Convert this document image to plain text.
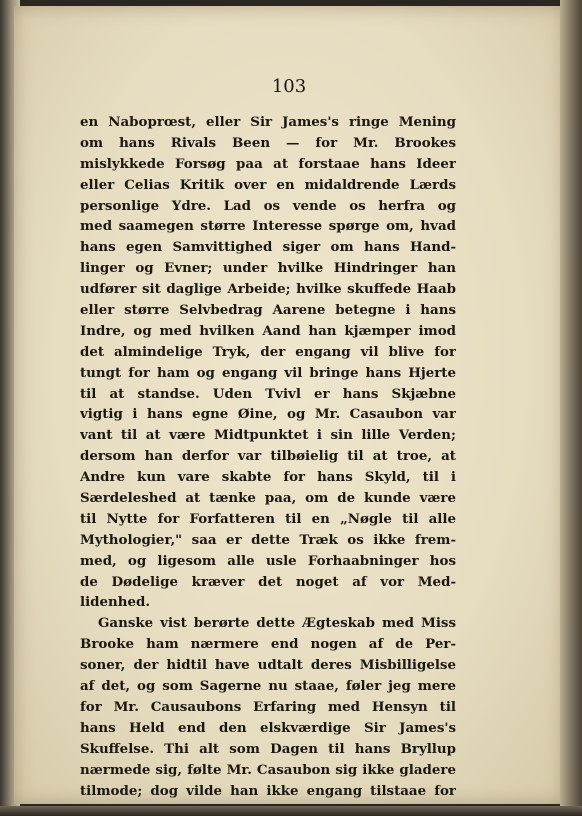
103
en Naboprœst, eller Sir James's ringe Mening
om hans Rivals Been — for Mr. Brookes
mislykkede Forsøg paa at forstaae hans Ideer
eller Celias Kritik over en midaldrende Lærds
personlige Ydre. Lad os vende os herfra og
med saamegen større Interesse spørge om, hvad
hans egen Samvittighed siger om hans Hand-
linger og Evner; under hvilke Hindringer han
udfører sit daglige Arbeide; hvilke skuffede Haab
eller større Selvbedrag Aarene betegne i hans
Indre, og med hvilken Aand han kjæmper imod
det almindelige Tryk, der engang vil blive for
tungt for ham og engang vil bringe hans Hjerte
til at standse. Uden Tvivl er hans Skjæbne
vigtig i hans egne Øine, og Mr. Casaubon var
vant til at være Midtpunktet i sin lille Verden;
dersom han derfor var tilbøielig til at troe, at
Andre kun vare skabte for hans Skyld, til i
Særdeleshed at tænke paa, om de kunde være
til Nytte for Forfatteren til en „Nøgle til alle
Mythologier," saa er dette Træk os ikke frem-
med, og ligesom alle usle Forhaabninger hos
de Dødelige kræver det noget af vor Med-
lidenhed.
Ganske vist berørte dette Ægteskab med Miss
Brooke ham nærmere end nogen af de Per-
soner, der hidtil have udtalt deres Misbilligelse
af det, og som Sagerne nu staae, føler jeg mere
for Mr. Causaubons Erfaring med Hensyn til
hans Held end den elskværdige Sir James's
Skuffelse. Thi alt som Dagen til hans Bryllup
nærmede sig, følte Mr. Casaubon sig ikke gladere
tilmode; dog vilde han ikke engang tilstaae for
